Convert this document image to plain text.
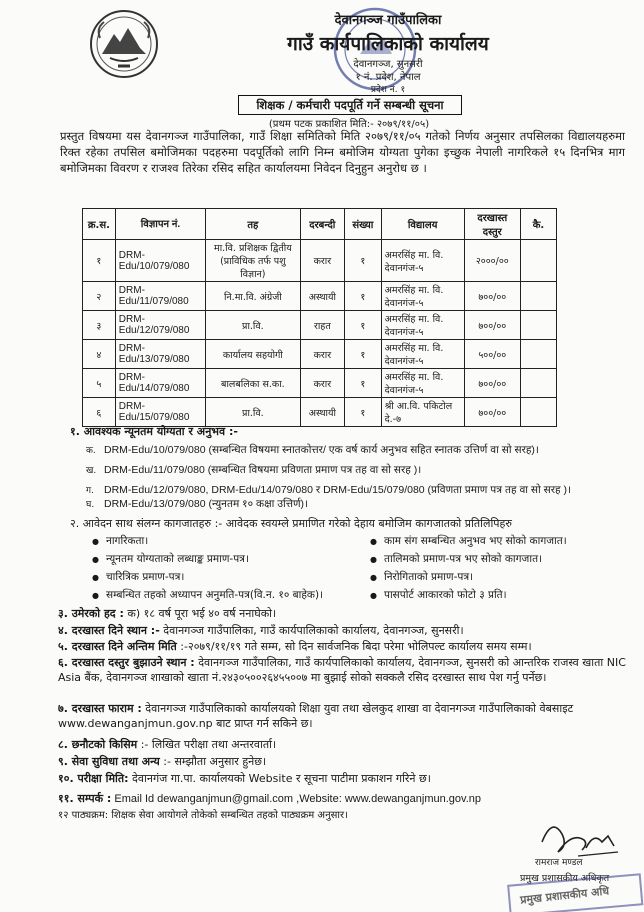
देवानगञ्ज गाउँपालिका
गाउँ कार्यपालिकाको कार्यालय
देवानगञ्ज, सुनसरी
१ नं. प्रदेश, नेपाल
प्रदेश नं. १
शिक्षक / कर्मचारी पदपूर्ति गर्ने सम्बन्धी सूचना
(प्रथम पटक प्रकाशित मिति:- २०७९/११/०५)
प्रस्तुत विषयमा यस देवानगञ्ज गाउँपालिका, गाउँ शिक्षा समितिको मिति २०७९/११/०५ गतेको निर्णय अनुसार तपसिलका विद्यालयहरुमा रिक्त रहेका तपसिल बमोजिमका पदहरुमा पदपूर्तिको लागि निम्न बमोजिम योग्यता पुगेका इच्छुक नेपाली नागरिकले १५ दिनभित्र माग बमोजिमका विवरण र राजश्व तिरेका रसिद सहित कार्यालयमा निवेदन दिनुहुन अनुरोध छ ।
क्र.स.	विज्ञापन नं.	तह	दरबन्दी	संख्या	विद्यालय	दरखास्त दस्तुर	कै.
१	DRM-Edu/10/079/080	मा.वि. प्रशिक्षक द्वितीय (प्राविधिक तर्फ पशु विज्ञान)	करार	१	अमरसिंह मा. वि. देवानगंज-५	२०००/००	
२	DRM-Edu/11/079/080	नि.मा.वि. अंग्रेजी	अस्थायी	१	अमरसिंह मा. वि. देवानगंज-५	७००/००	
३	DRM-Edu/12/079/080	प्रा.वि.	राहत	१	अमरसिंह मा. वि. देवानगंज-५	७००/००	
४	DRM-Edu/13/079/080	कार्यालय सहयोगी	करार	१	अमरसिंह मा. वि. देवानगंज-५	५००/००	
५	DRM-Edu/14/079/080	बालबलिका स.का.	करार	१	अमरसिंह मा. वि. देवानगंज-५	७००/००	
६	DRM-Edu/15/079/080	प्रा.वि.	अस्थायी	१	श्री आ.वि. पकिटोल दे.-७	७००/००	
१. आवश्यक न्यूनतम योग्यता र अनुभव :-
क. DRM-Edu/10/079/080 (सम्बन्धित विषयमा स्नातकोत्तर/ एक वर्ष कार्य अनुभव सहित स्नातक उत्तिर्ण वा सो सरह)।
ख. DRM-Edu/11/079/080 (सम्बन्धित विषयमा प्रविणता प्रमाण पत्र तह वा सो सरह )।
ग. DRM-Edu/12/079/080, DRM-Edu/14/079/080 र DRM-Edu/15/079/080 (प्रविणता प्रमाण पत्र तह वा सो सरह )।
घ. DRM-Edu/13/079/080 (न्युनतम १० कक्षा उत्तिर्ण)।
२. आवेदन साथ संलग्न कागजातहरु :- आवेदक स्वयम्ले प्रमाणित गरेको देहाय बमोजिम कागजातको प्रतिलिपिहरु
● नागरिकता।
● न्यूनतम योग्यताको लब्धाङ्क प्रमाण-पत्र।
● चारित्रिक प्रमाण-पत्र।
● सम्बन्धित तहको अध्यापन अनुमति-पत्र(वि.न. १० बाहेक)।
● काम संग सम्बन्धित अनुभव भए सोको कागजात।
● तालिमको प्रमाण-पत्र भए सोको कागजात।
● निरोगिताको प्रमाण-पत्र।
● पासपोर्ट आकारको फोटो ३ प्रति।
३. उमेरको हद : क) १८ वर्ष पूरा भई ४० वर्ष ननाघेको।
४. दरखास्त दिने स्थान :- देवानगञ्ज गाउँपालिका, गाउँ कार्यपालिकाको कार्यालय, देवानगञ्ज, सुनसरी।
५. दरखास्त दिने अन्तिम मिति :-२०७९/११/१९ गते सम्म, सो दिन सार्वजनिक बिदा परेमा भोलिपल्ट कार्यालय समय सम्म।
६. दरखास्त दस्तुर बुझाउने स्थान : देवानगञ्ज गाउँपालिका, गाउँ कार्यपालिकाको कार्यालय, देवानगञ्ज, सुनसरी को आन्तरिक राजस्व खाता NIC Asia बैंक, देवानगञ्ज शाखाको खाता नं.२४३०५००२६४५५००७ मा बुझाई सोको सक्कलै रसिद दरखास्त साथ पेश गर्नु पर्नेछ।
७. दरखास्त फाराम : देवानगञ्ज गाउँपालिकाको कार्यालयको शिक्षा युवा तथा खेलकुद शाखा वा देवानगञ्ज गाउँपालिकाको वेबसाइट www.dewanganjmun.gov.np बाट प्राप्त गर्न सकिने छ।
८. छनौटको किसिम :- लिखित परीक्षा तथा अन्तरवार्ता।
९. सेवा सुविधा तथा अन्य :- सम्झौता अनुसार हुनेछ।
१०. परीक्षा मिति: देवानगंज गा.पा. कार्यालयको Website र सूचना पाटीमा प्रकाशन गरिने छ।
११. सम्पर्क : Email Id dewanganjmun@gmail.com ,Website: www.dewanganjmun.gov.np
१२ पाठ्यक्रम: शिक्षक सेवा आयोगले तोकेको सम्बन्धित तहको पाठ्यक्रम अनुसार।
रामराज मण्डल
प्रमुख प्रशासकीय अधिकृत
प्रमुख प्रशासकीय अधि
